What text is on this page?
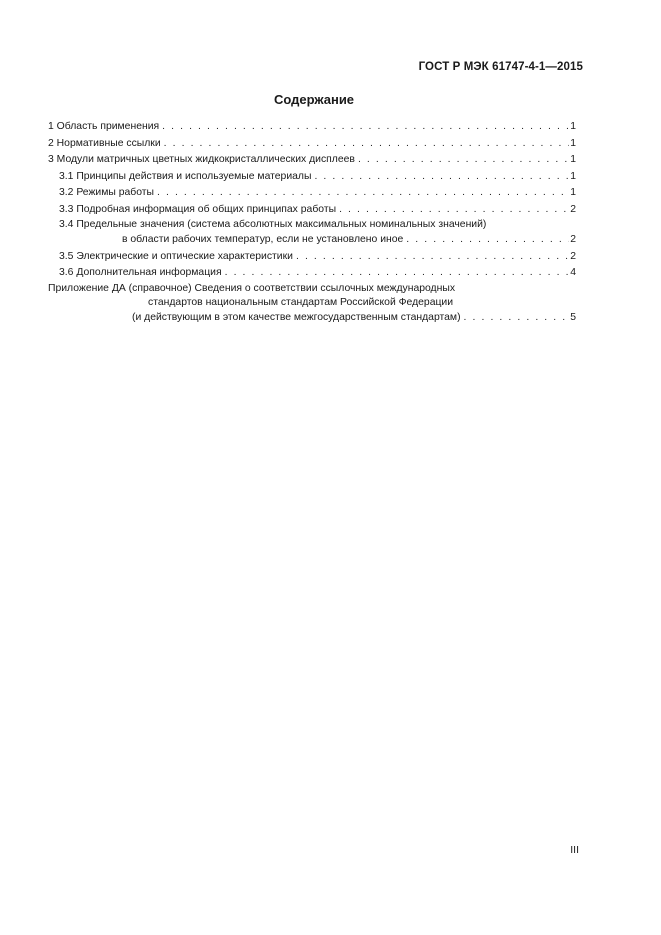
ГОСТ Р МЭК 61747-4-1—2015
Содержание
1 Область применения . . .	1
2 Нормативные ссылки . . .	1
3 Модули матричных цветных жидкокристаллических дисплеев . . .	1
3.1 Принципы действия и используемые материалы . . .	1
3.2 Режимы работы . . .	1
3.3 Подробная информация об общих принципах работы . . .	2
3.4 Предельные значения (система абсолютных максимальных номинальных значений)
в области рабочих температур, если не установлено иное . . .	2
3.5 Электрические и оптические характеристики . . .	2
3.6 Дополнительная информация . . .	4
Приложение ДА (справочное) Сведения о соответствии ссылочных международных
стандартов национальным стандартам Российской Федерации
(и действующим в этом качестве межгосударственным стандартам) . . .	5
III
